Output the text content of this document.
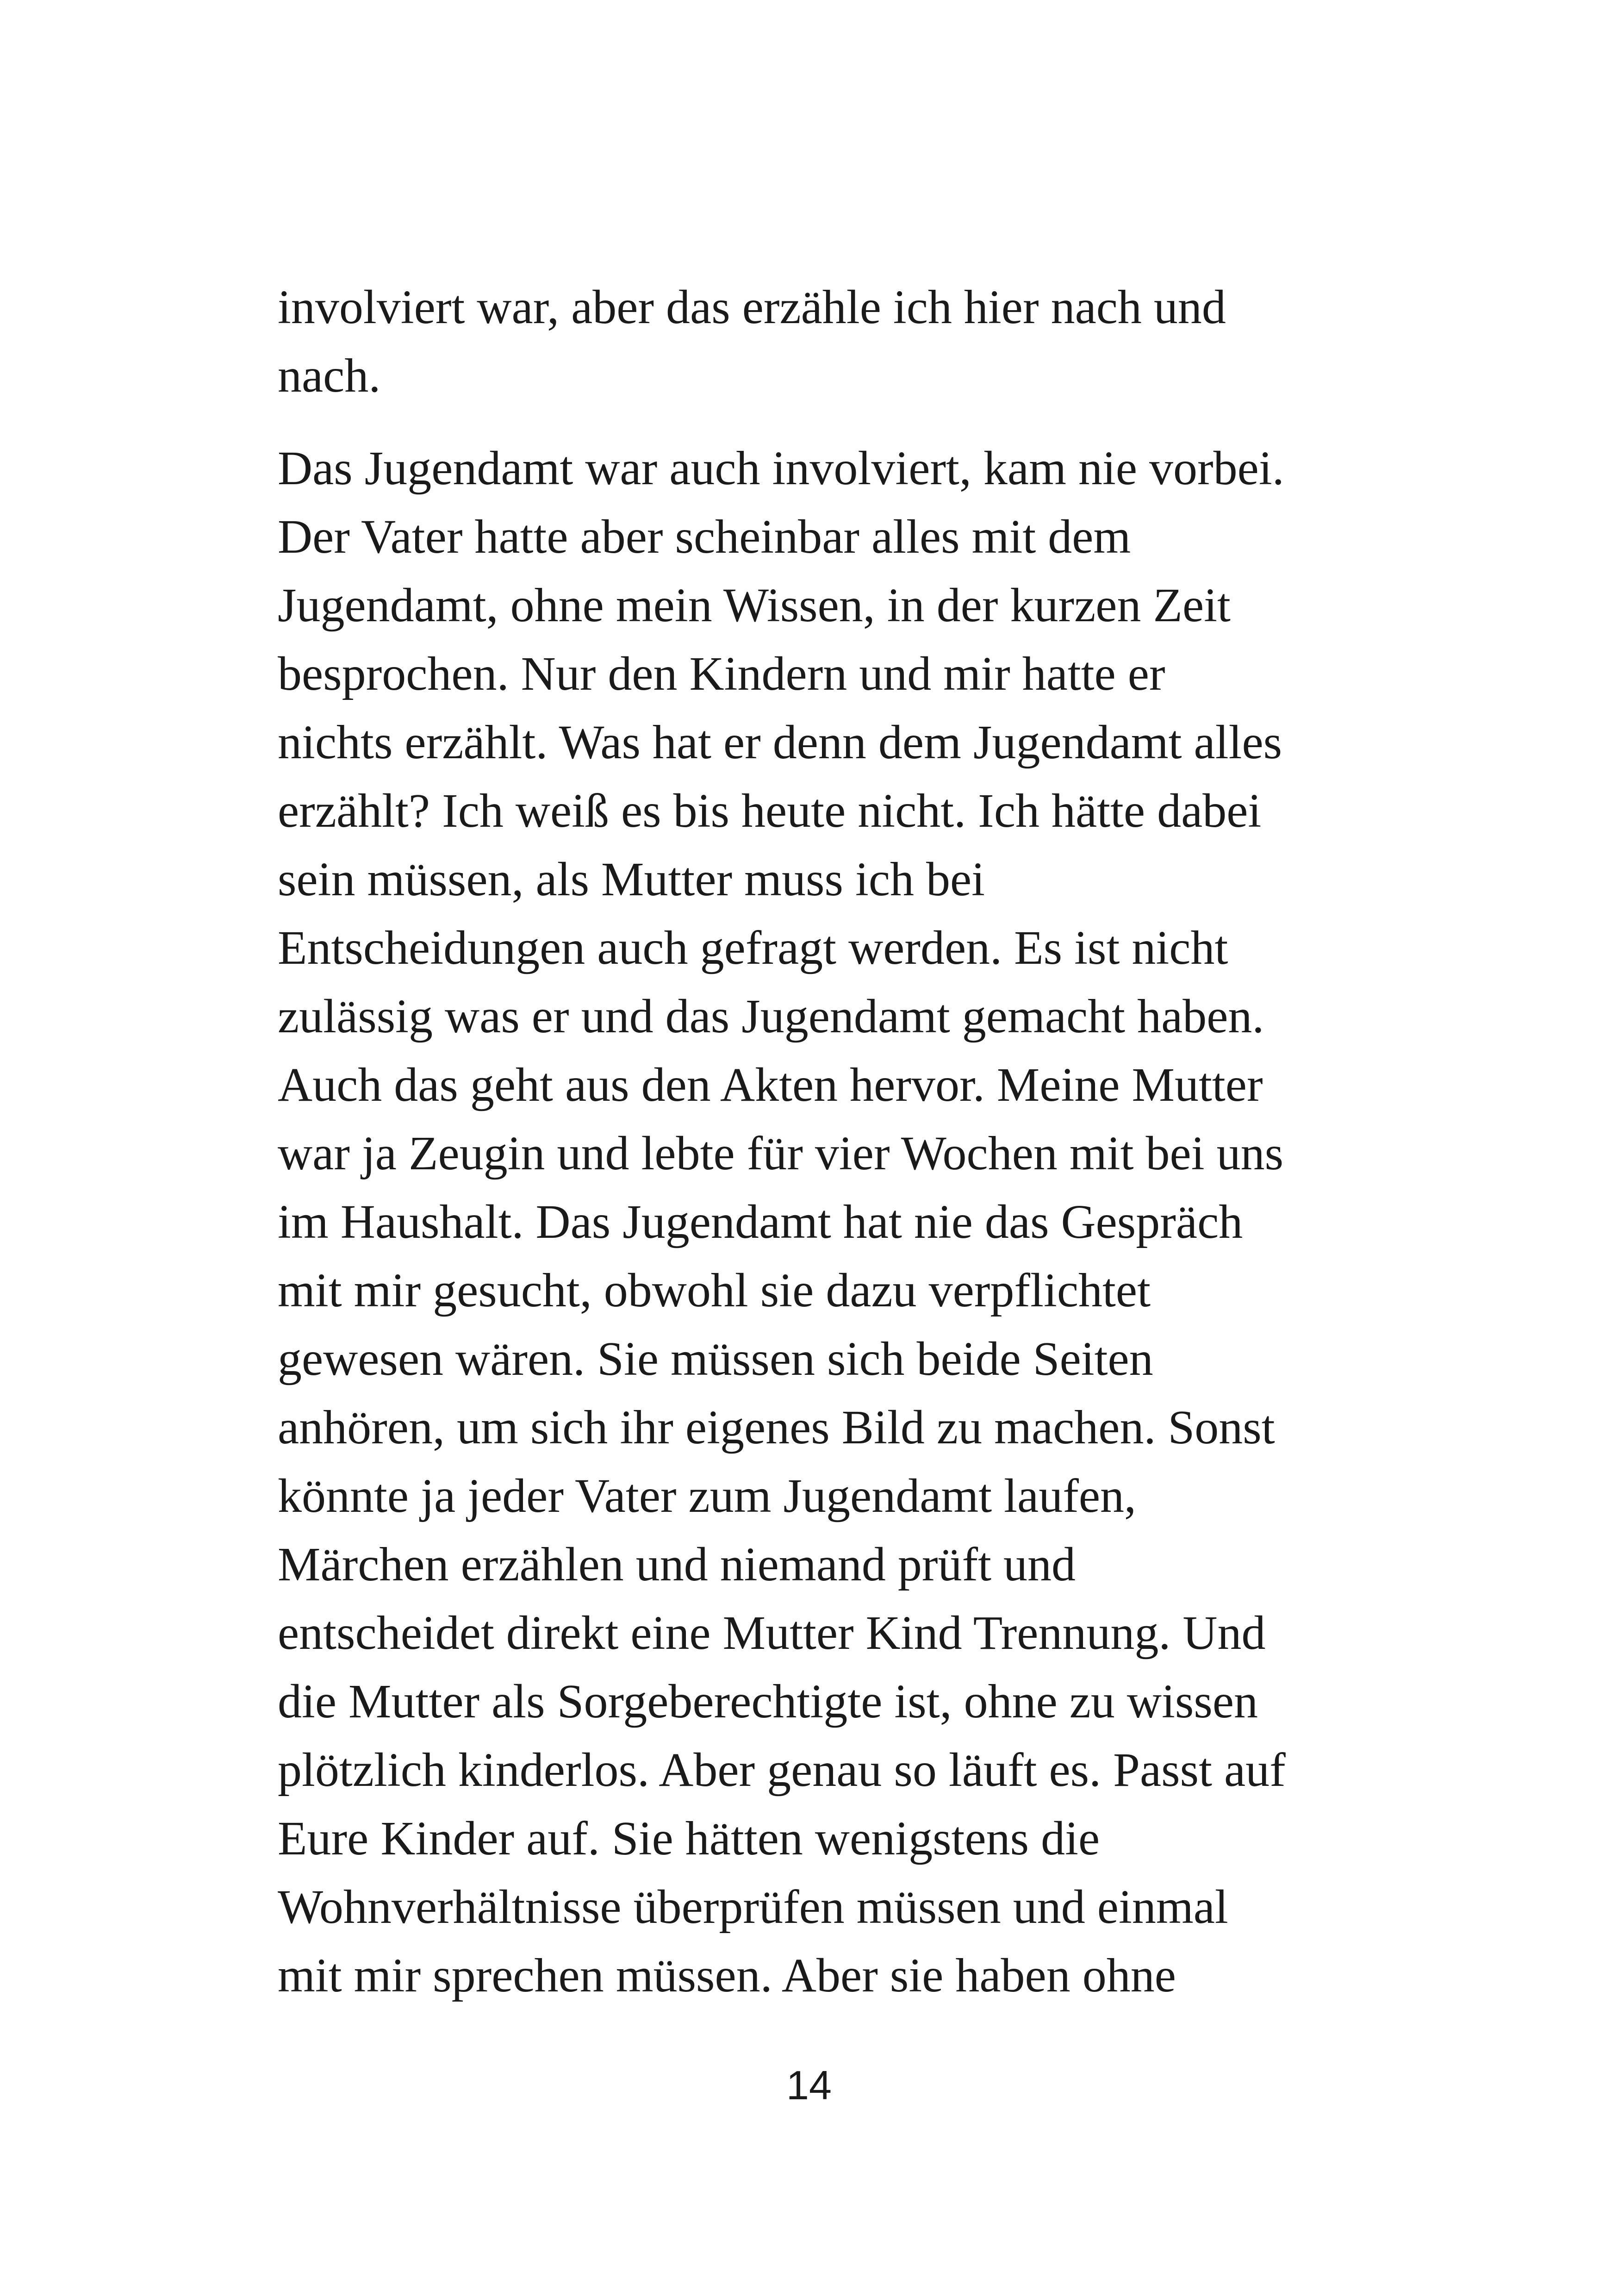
involviert war, aber das erzähle ich hier nach und
nach.

Das Jugendamt war auch involviert, kam nie vorbei.
Der Vater hatte aber scheinbar alles mit dem
Jugendamt, ohne mein Wissen, in der kurzen Zeit
besprochen. Nur den Kindern und mir hatte er
nichts erzählt. Was hat er denn dem Jugendamt alles
erzählt? Ich weiß es bis heute nicht. Ich hätte dabei
sein müssen, als Mutter muss ich bei
Entscheidungen auch gefragt werden. Es ist nicht
zulässig was er und das Jugendamt gemacht haben.
Auch das geht aus den Akten hervor. Meine Mutter
war ja Zeugin und lebte für vier Wochen mit bei uns
im Haushalt. Das Jugendamt hat nie das Gespräch
mit mir gesucht, obwohl sie dazu verpflichtet
gewesen wären. Sie müssen sich beide Seiten
anhören, um sich ihr eigenes Bild zu machen. Sonst
könnte ja jeder Vater zum Jugendamt laufen,
Märchen erzählen und niemand prüft und
entscheidet direkt eine Mutter Kind Trennung. Und
die Mutter als Sorgeberechtigte ist, ohne zu wissen
plötzlich kinderlos. Aber genau so läuft es. Passt auf
Eure Kinder auf. Sie hätten wenigstens die
Wohnverhältnisse überprüfen müssen und einmal
mit mir sprechen müssen. Aber sie haben ohne

14
